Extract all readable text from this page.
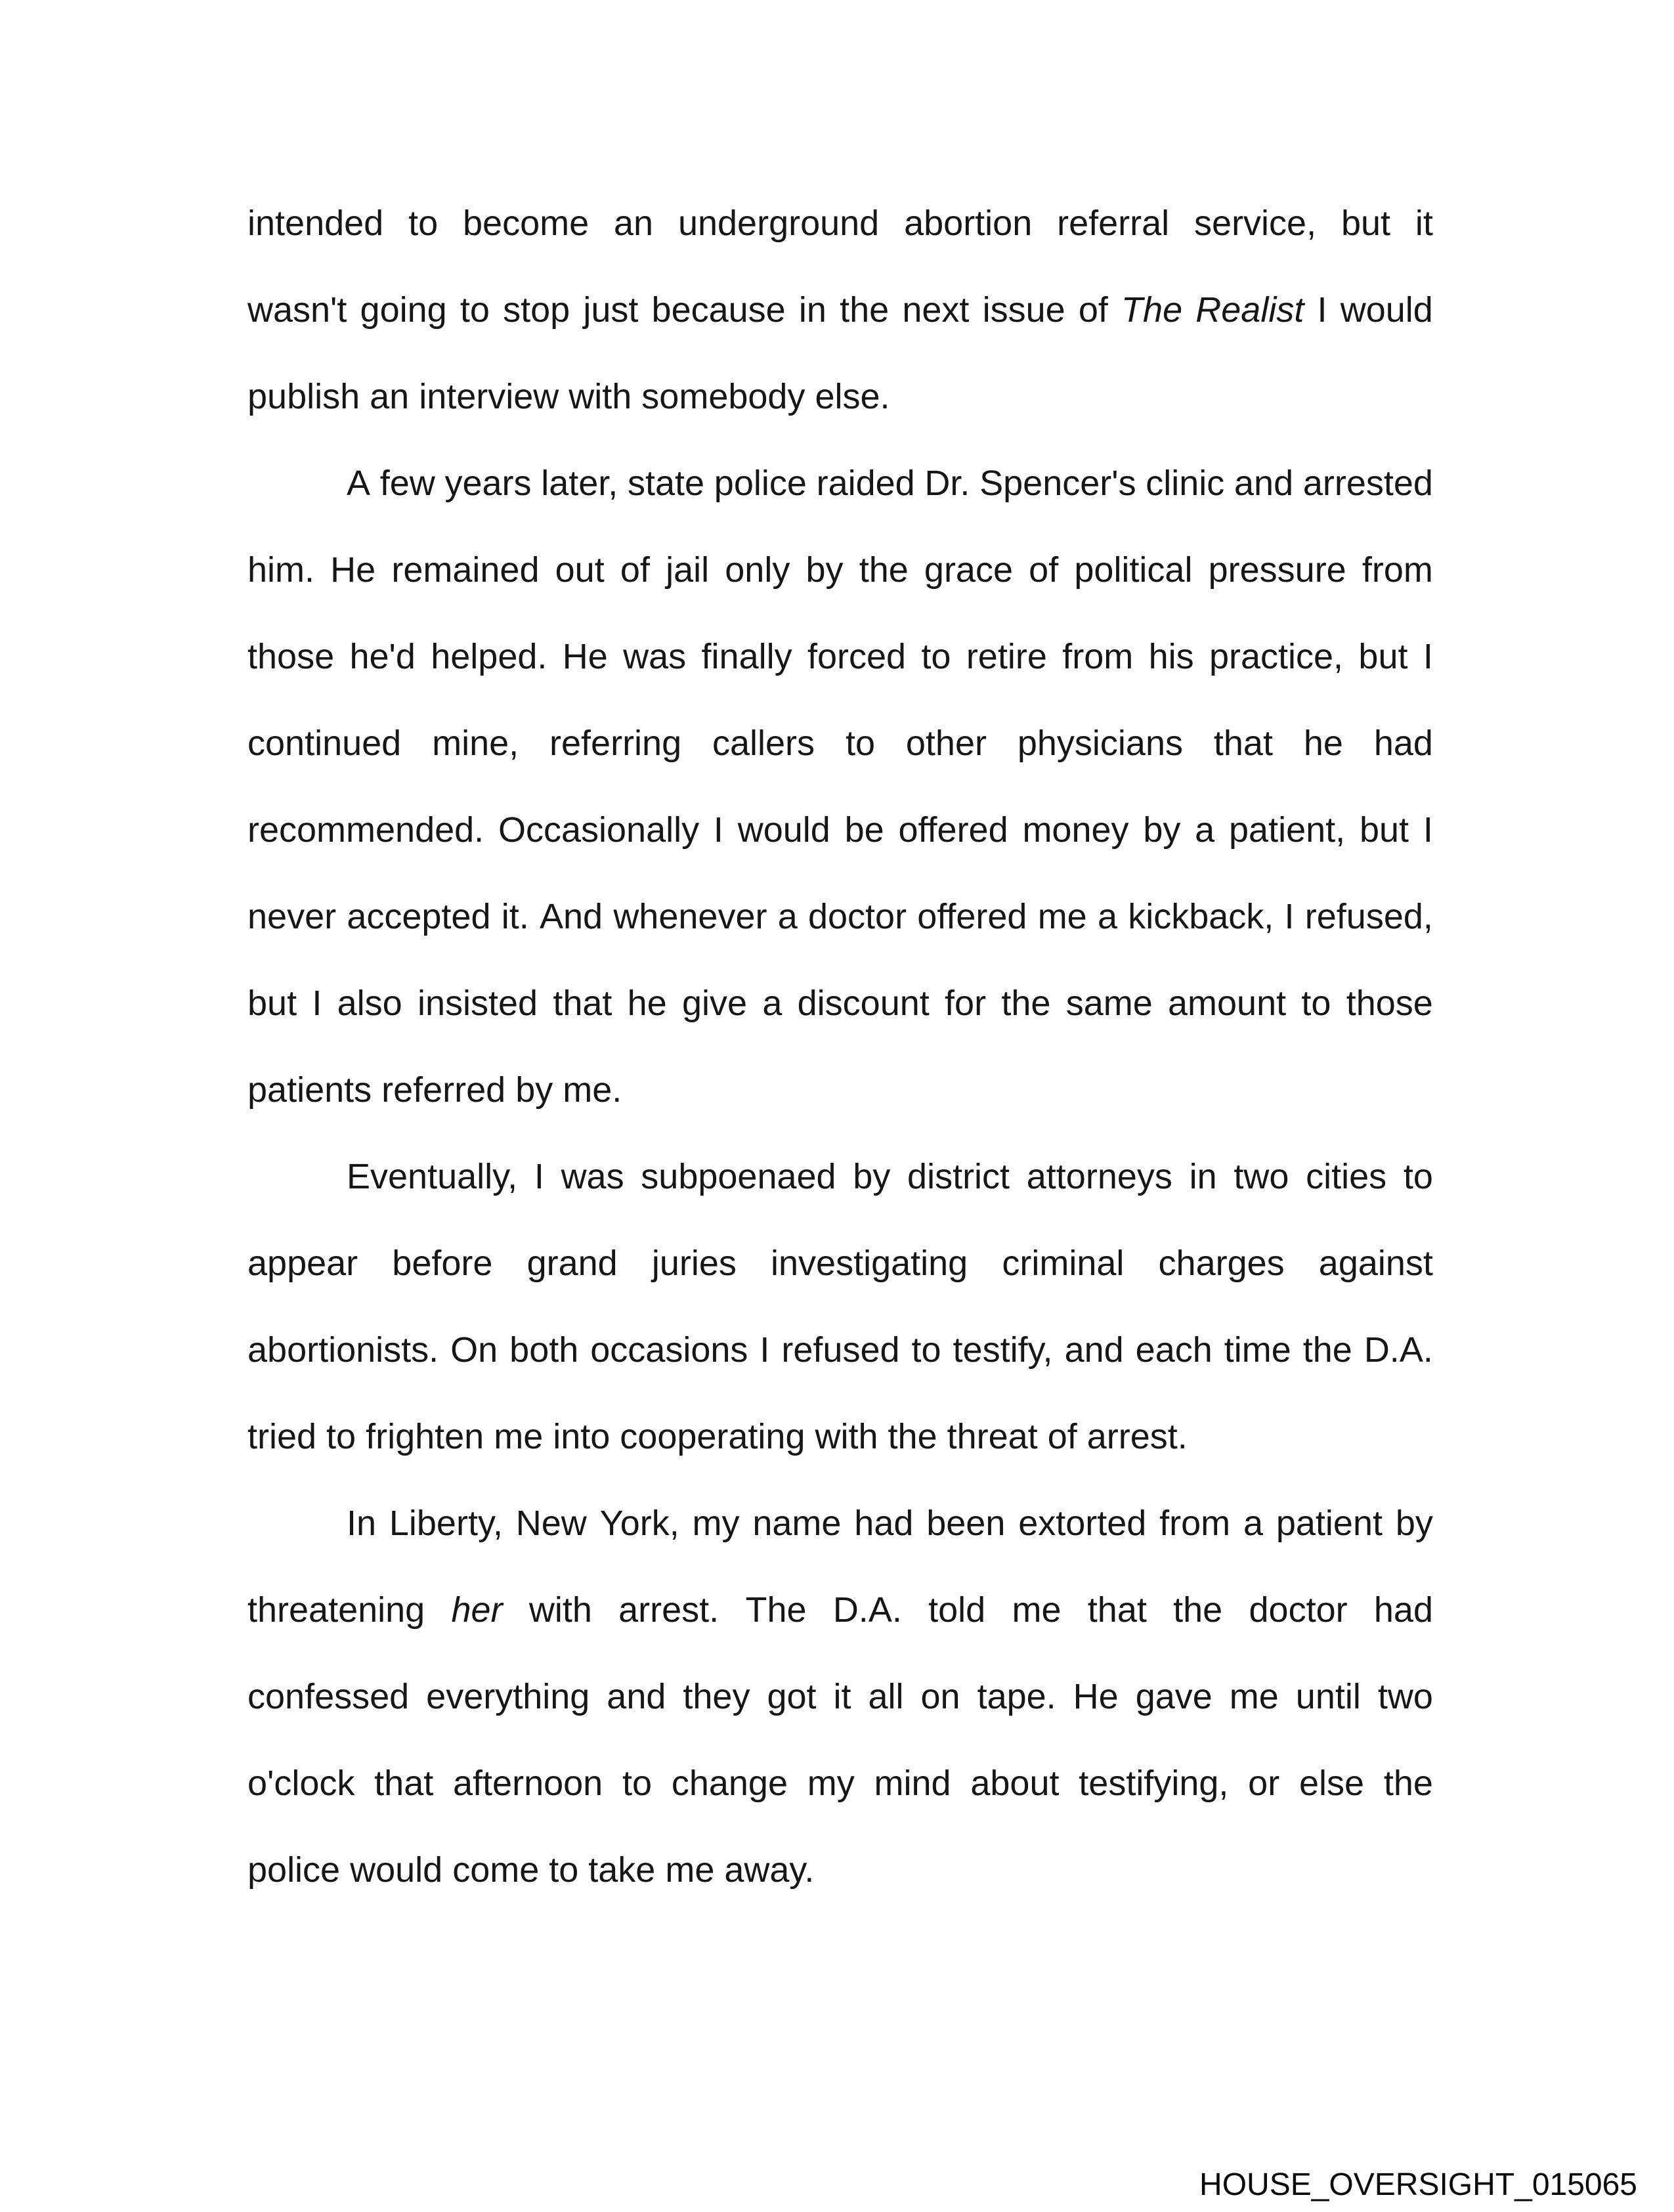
intended to become an underground abortion referral service, but it
wasn't going to stop just because in the next issue of The Realist I would
publish an interview with somebody else.
A few years later, state police raided Dr. Spencer's clinic and arrested
him. He remained out of jail only by the grace of political pressure from
those he'd helped. He was finally forced to retire from his practice, but I
continued mine, referring callers to other physicians that he had
recommended. Occasionally I would be offered money by a patient, but I
never accepted it. And whenever a doctor offered me a kickback, I refused,
but I also insisted that he give a discount for the same amount to those
patients referred by me.
Eventually, I was subpoenaed by district attorneys in two cities to
appear before grand juries investigating criminal charges against
abortionists. On both occasions I refused to testify, and each time the D.A.
tried to frighten me into cooperating with the threat of arrest.
In Liberty, New York, my name had been extorted from a patient by
threatening her with arrest. The D.A. told me that the doctor had
confessed everything and they got it all on tape. He gave me until two
o'clock that afternoon to change my mind about testifying, or else the
police would come to take me away.
HOUSE_OVERSIGHT_015065
